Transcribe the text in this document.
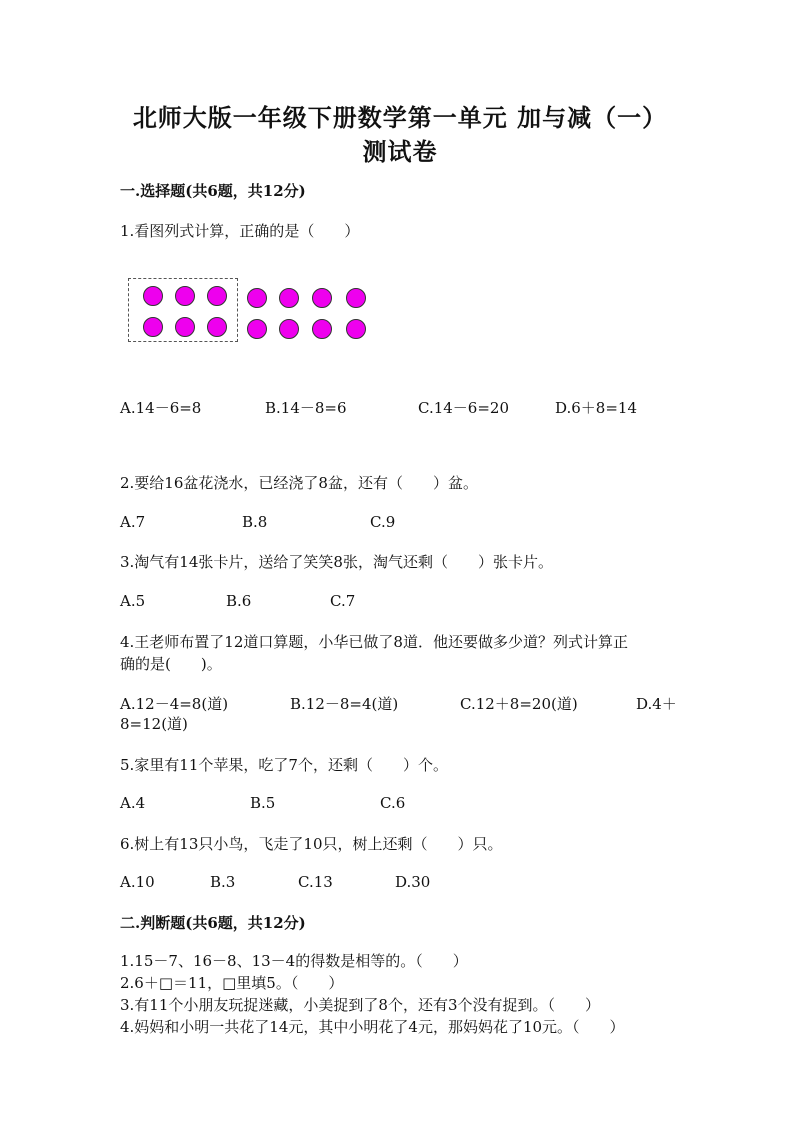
北师大版一年级下册数学第一单元 加与减（一）
测试卷
一.选择题(共6题，共12分)
1.看图列式计算，正确的是（　　）
A.14－6=8	B.14－8=6	C.14－6=20	D.6＋8=14
2.要给16盆花浇水，已经浇了8盆，还有（　　）盆。
A.7	B.8	C.9
3.淘气有14张卡片，送给了笑笑8张，淘气还剩（　　）张卡片。
A.5	B.6	C.7
4.王老师布置了12道口算题，小华已做了8道．他还要做多少道？列式计算正
确的是(　　)。
A.12－4=8(道)	B.12－8=4(道)	C.12＋8=20(道)	D.4＋
8=12(道)
5.家里有11个苹果，吃了7个，还剩（　　）个。
A.4	B.5	C.6
6.树上有13只小鸟，飞走了10只，树上还剩（　　）只。
A.10	B.3	C.13	D.30
二.判断题(共6题，共12分)
1.15－7、16－8、13－4的得数是相等的。（　　）
2.6＋□＝11，□里填5。（　　）
3.有11个小朋友玩捉迷藏，小美捉到了8个，还有3个没有捉到。（　　）
4.妈妈和小明一共花了14元，其中小明花了4元，那妈妈花了10元。（　　）
